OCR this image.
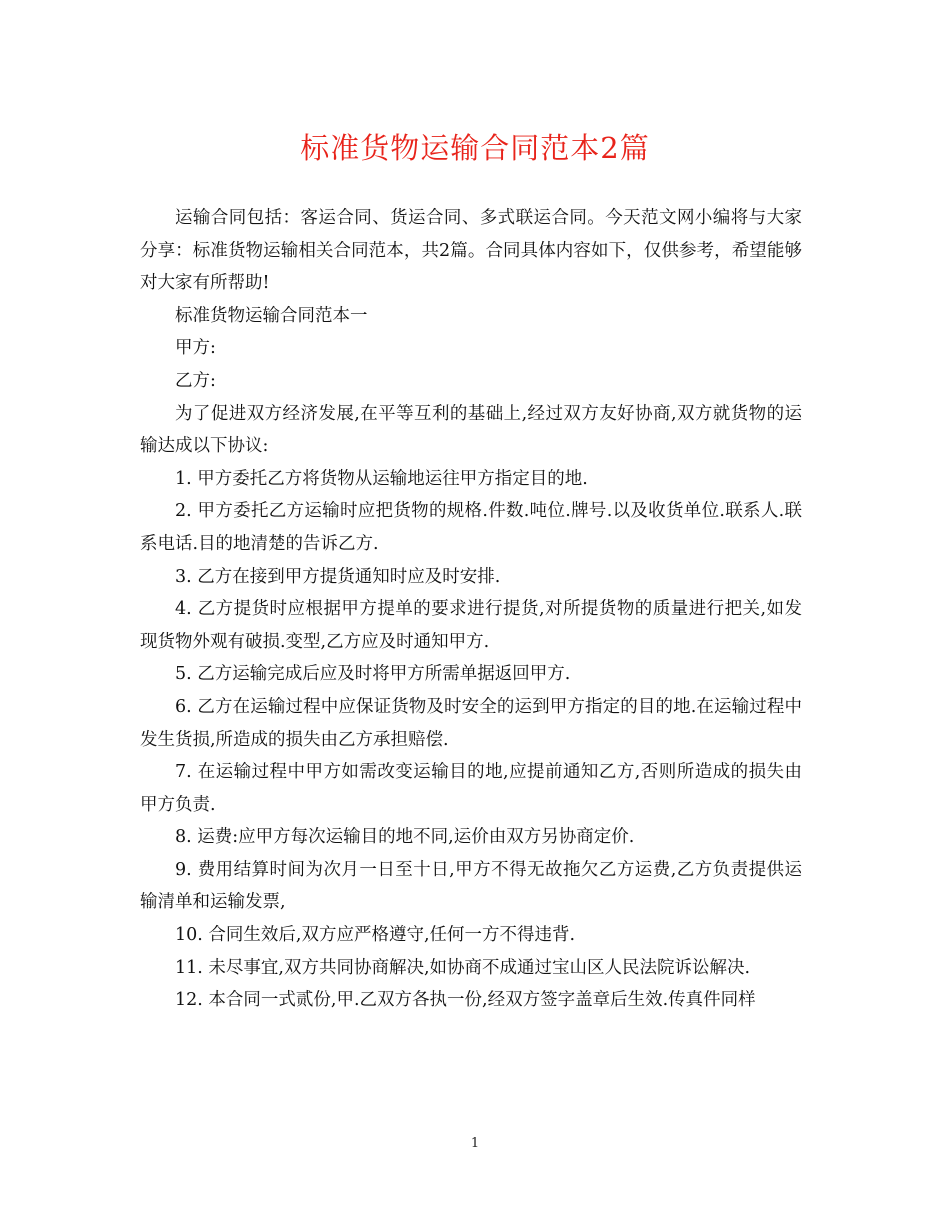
标准货物运输合同范本2篇

运输合同包括：客运合同、货运合同、多式联运合同。今天范文网小编将与大家分享：标准货物运输相关合同范本，共2篇。合同具体内容如下，仅供参考，希望能够对大家有所帮助!

标准货物运输合同范本一

甲方:

乙方:

为了促进双方经济发展,在平等互利的基础上,经过双方友好协商,双方就货物的运输达成以下协议:

1. 甲方委托乙方将货物从运输地运往甲方指定目的地.

2. 甲方委托乙方运输时应把货物的规格.件数.吨位.牌号.以及收货单位.联系人.联系电话.目的地清楚的告诉乙方.

3. 乙方在接到甲方提货通知时应及时安排.

4. 乙方提货时应根据甲方提单的要求进行提货,对所提货物的质量进行把关,如发现货物外观有破损.变型,乙方应及时通知甲方.

5. 乙方运输完成后应及时将甲方所需单据返回甲方.

6. 乙方在运输过程中应保证货物及时安全的运到甲方指定的目的地.在运输过程中发生货损,所造成的损失由乙方承担赔偿.

7. 在运输过程中甲方如需改变运输目的地,应提前通知乙方,否则所造成的损失由甲方负责.

8. 运费:应甲方每次运输目的地不同,运价由双方另协商定价.

9. 费用结算时间为次月一日至十日,甲方不得无故拖欠乙方运费,乙方负责提供运输清单和运输发票,

10. 合同生效后,双方应严格遵守,任何一方不得违背.

11. 未尽事宜,双方共同协商解决,如协商不成通过宝山区人民法院诉讼解决.

12. 本合同一式贰份,甲.乙双方各执一份,经双方签字盖章后生效.传真件同样

1
